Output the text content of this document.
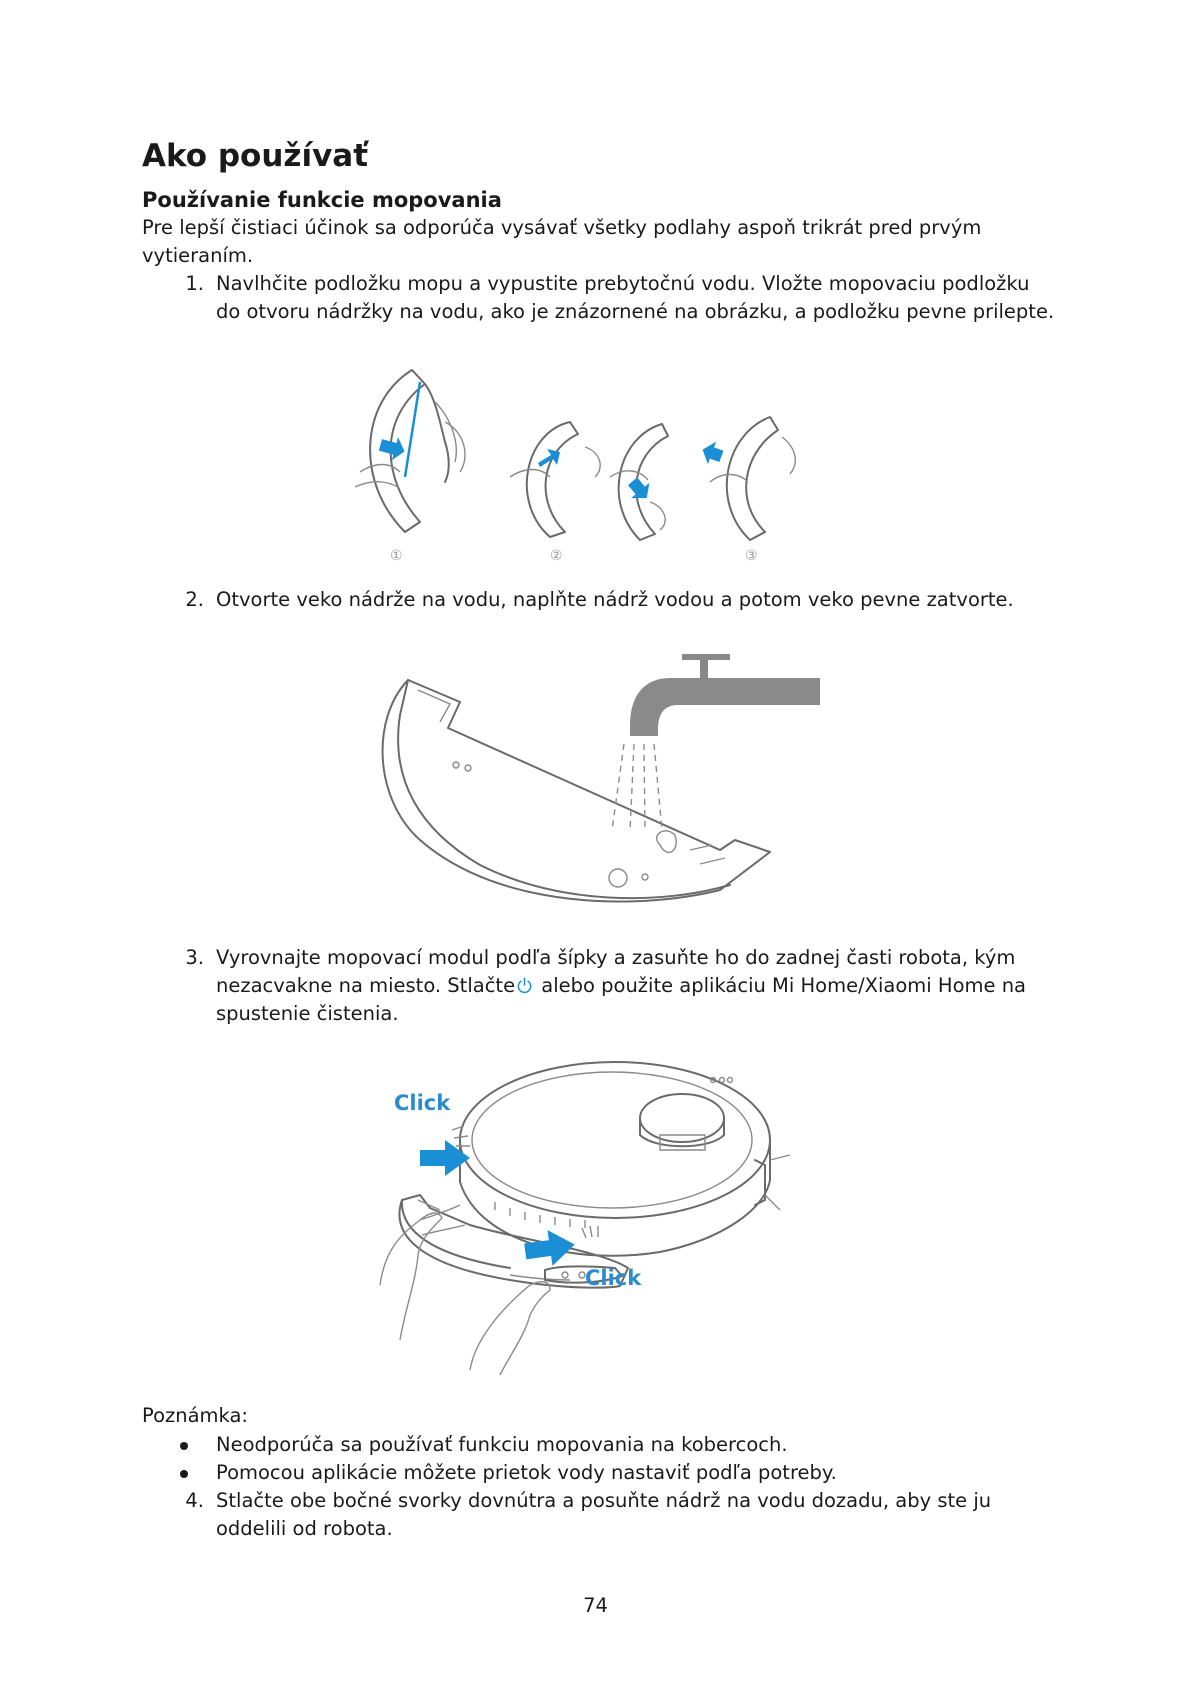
Ako používať
Používanie funkcie mopovania

Pre lepší čistiaci účinok sa odporúča vysávať všetky podlahy aspoň trikrát pred prvým vytieraním.

1. Navlhčite podložku mopu a vypustite prebytočnú vodu. Vložte mopovaciu podložku do otvoru nádržky na vodu, ako je znázornené na obrázku, a podložku pevne prilepte.
①	②	③
2. Otvorte veko nádrže na vodu, naplňte nádrž vodou a potom veko pevne zatvorte.
3. Vyrovnajte mopovací modul podľa šípky a zasuňte ho do zadnej časti robota, kým nezacvakne na miesto. Stlačte alebo použite aplikáciu Mi Home/Xiaomi Home na spustenie čistenia.
Click
Click

Poznámka:

Neodporúča sa používať funkciu mopovania na kobercoch.
Pomocou aplikácie môžete prietok vody nastaviť podľa potreby.
4. Stlačte obe bočné svorky dovnútra a posuňte nádrž na vodu dozadu, aby ste ju oddelili od robota.
74
